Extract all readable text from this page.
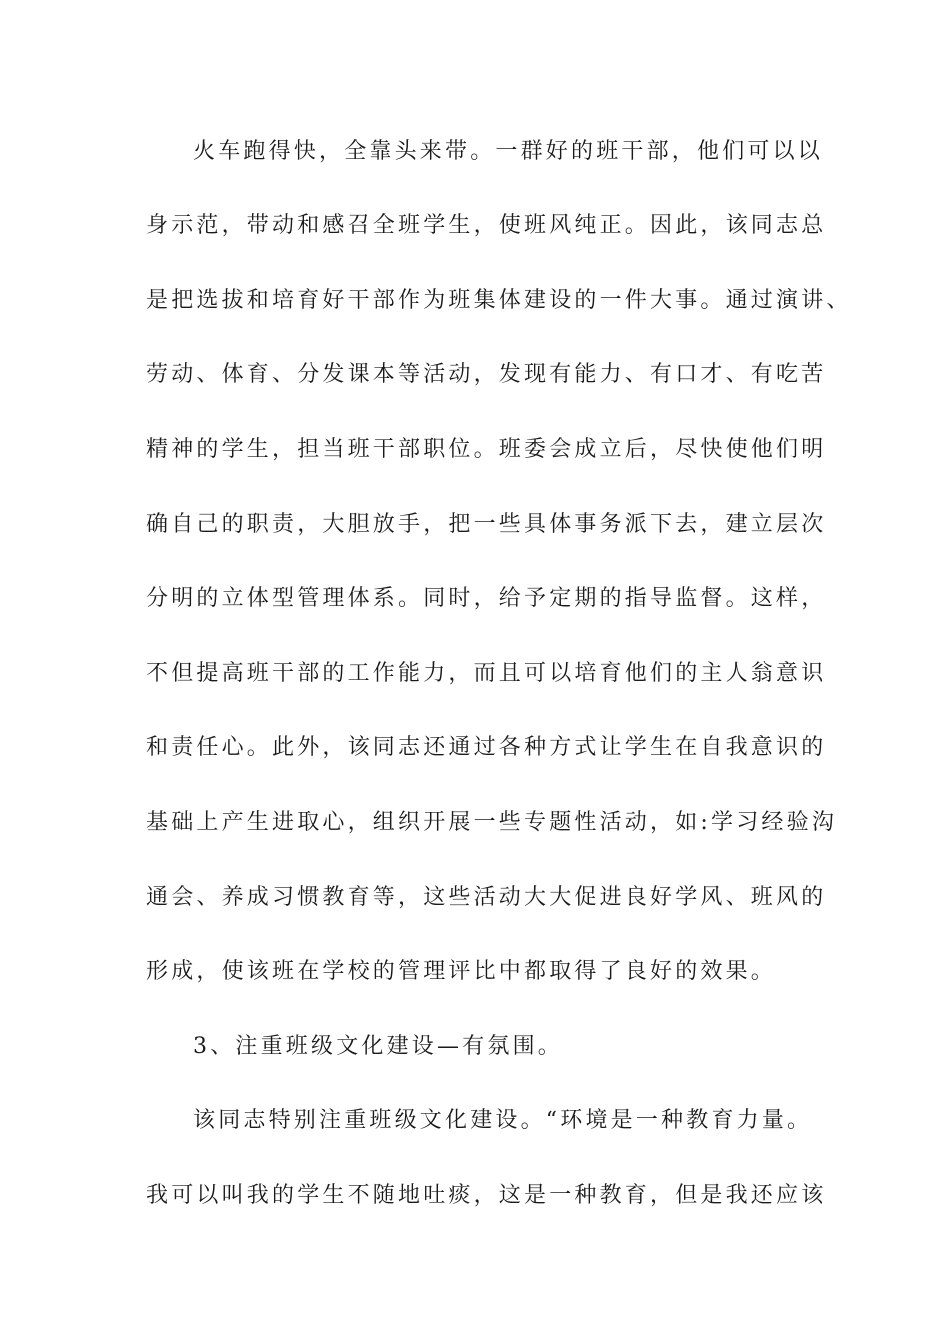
火车跑得快，全靠头来带。一群好的班干部，他们可以以
身示范，带动和感召全班学生，使班风纯正。因此，该同志总
是把选拔和培育好干部作为班集体建设的一件大事。通过演讲、
劳动、体育、分发课本等活动，发现有能力、有口才、有吃苦
精神的学生，担当班干部职位。班委会成立后，尽快使他们明
确自己的职责，大胆放手，把一些具体事务派下去，建立层次
分明的立体型管理体系。同时，给予定期的指导监督。这样，
不但提高班干部的工作能力，而且可以培育他们的主人翁意识
和责任心。此外，该同志还通过各种方式让学生在自我意识的
基础上产生进取心，组织开展一些专题性活动，如:学习经验沟
通会、养成习惯教育等，这些活动大大促进良好学风、班风的
形成，使该班在学校的管理评比中都取得了良好的效果。
3、注重班级文化建设—有氛围。
该同志特别注重班级文化建设。“环境是一种教育力量。
我可以叫我的学生不随地吐痰，这是一种教育，但是我还应该
